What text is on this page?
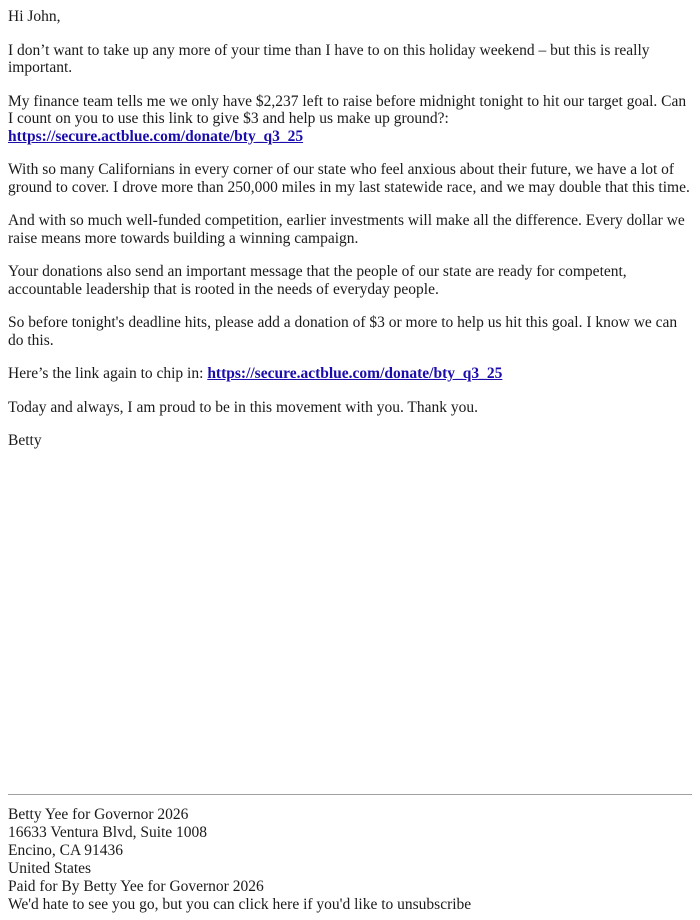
Hi John,

I don’t want to take up any more of your time than I have to on this holiday weekend – but this is really important.

My finance team tells me we only have $2,237 left to raise before midnight tonight to hit our target goal. Can I count on you to use this link to give $3 and help us make up ground?: https://secure.actblue.com/donate/bty_q3_25

With so many Californians in every corner of our state who feel anxious about their future, we have a lot of ground to cover. I drove more than 250,000 miles in my last statewide race, and we may double that this time.

And with so much well-funded competition, earlier investments will make all the difference. Every dollar we raise means more towards building a winning campaign.

Your donations also send an important message that the people of our state are ready for competent, accountable leadership that is rooted in the needs of everyday people.

So before tonight's deadline hits, please add a donation of $3 or more to help us hit this goal. I know we can do this.

Here’s the link again to chip in: https://secure.actblue.com/donate/bty_q3_25

Today and always, I am proud to be in this movement with you. Thank you.

Betty

Betty Yee for Governor 2026
16633 Ventura Blvd, Suite 1008
Encino, CA 91436
United States
Paid for By Betty Yee for Governor 2026
We'd hate to see you go, but you can click here if you'd like to unsubscribe
